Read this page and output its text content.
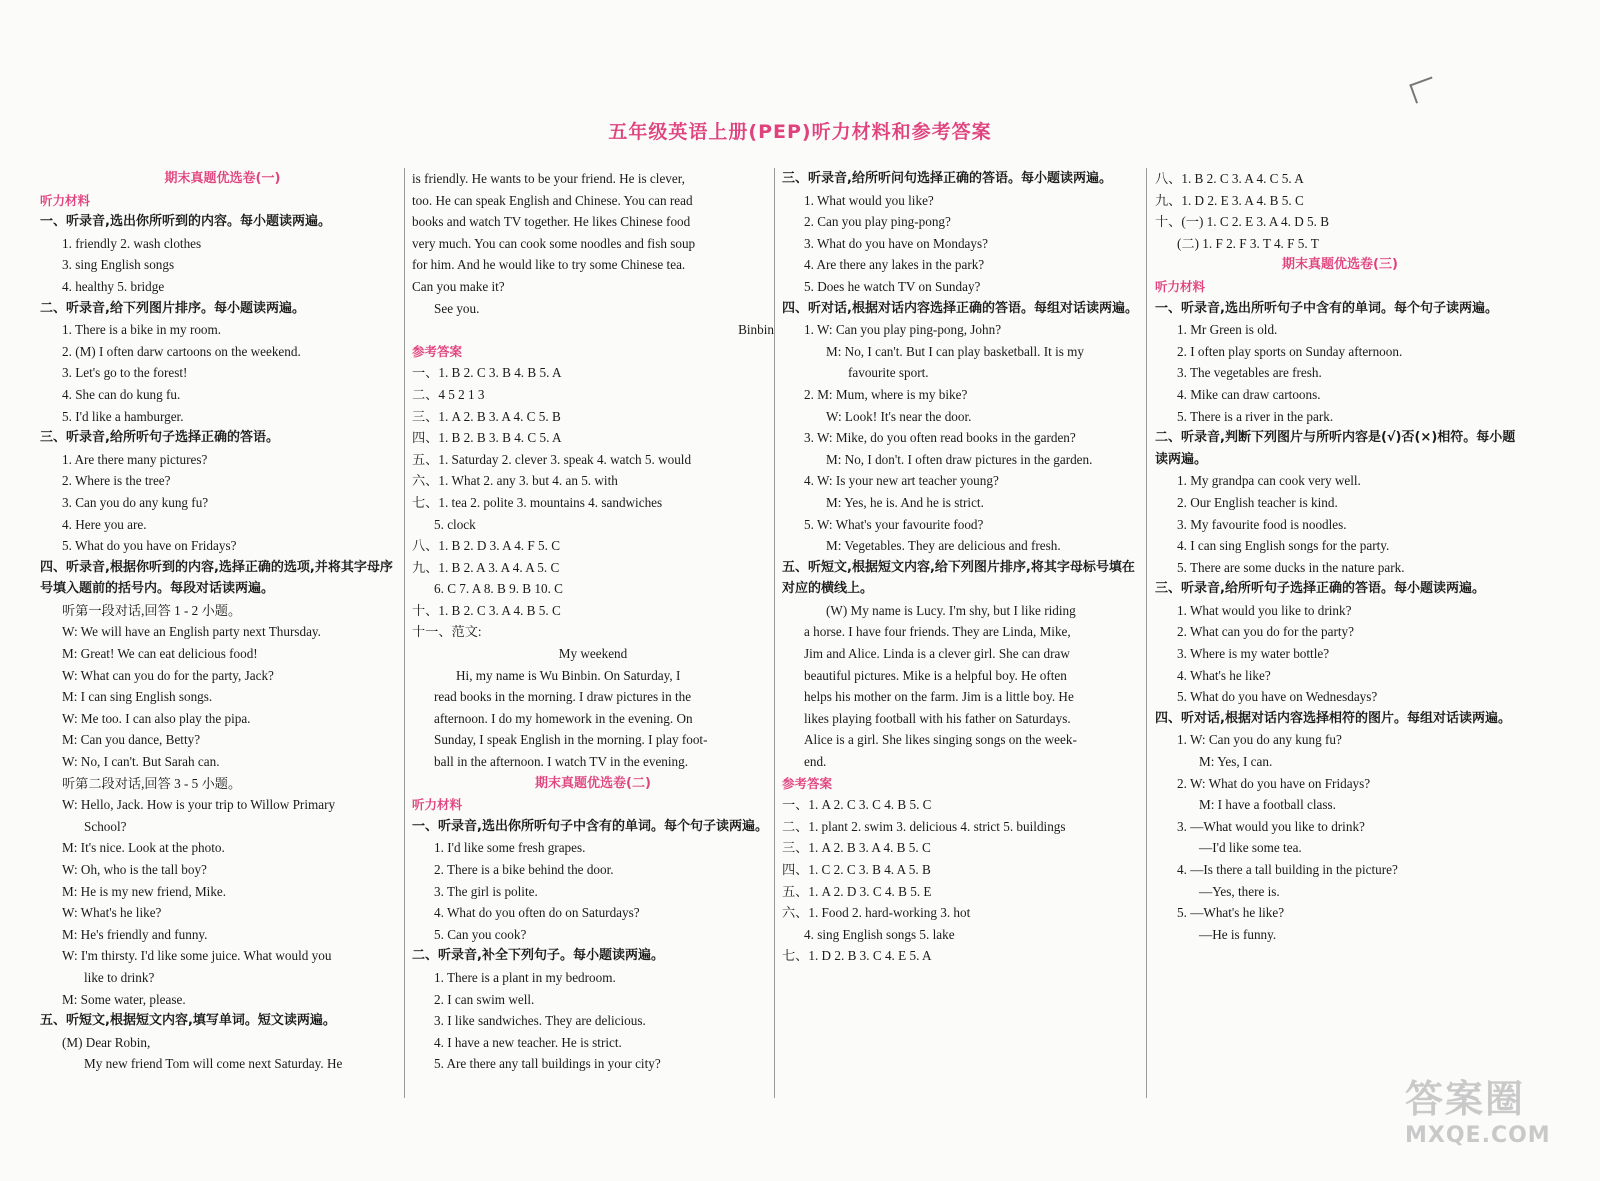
五年级英语上册(PEP)听力材料和参考答案
期末真题优选卷(一)
听力材料
一、听录音,选出你所听到的内容。每小题读两遍。
1. friendly 2. wash clothes
3. sing English songs
4. healthy 5. bridge
二、听录音,给下列图片排序。每小题读两遍。
1. There is a bike in my room.
2. (M) I often darw cartoons on the weekend.
3. Let's go to the forest!
4. She can do kung fu.
5. I'd like a hamburger.
三、听录音,给所听句子选择正确的答语。
1. Are there many pictures?
2. Where is the tree?
3. Can you do any kung fu?
4. Here you are.
5. What do you have on Fridays?
四、听录音,根据你听到的内容,选择正确的选项,并将其字母序号填入题前的括号内。每段对话读两遍。
听第一段对话,回答 1 - 2 小题。
W: We will have an English party next Thursday.
M: Great! We can eat delicious food!
W: What can you do for the party, Jack?
M: I can sing English songs.
W: Me too. I can also play the pipa.
M: Can you dance, Betty?
W: No, I can't. But Sarah can.
听第二段对话,回答 3 - 5 小题。
W: Hello, Jack. How is your trip to Willow Primary
School?
M: It's nice. Look at the photo.
W: Oh, who is the tall boy?
M: He is my new friend, Mike.
W: What's he like?
M: He's friendly and funny.
W: I'm thirsty. I'd like some juice. What would you
like to drink?
M: Some water, please.
五、听短文,根据短文内容,填写单词。短文读两遍。
(M) Dear Robin,
My new friend Tom will come next Saturday. He
is friendly. He wants to be your friend. He is clever,
too. He can speak English and Chinese. You can read
books and watch TV together. He likes Chinese food
very much. You can cook some noodles and fish soup
for him. And he would like to try some Chinese tea.
Can you make it?
See you.
Binbin
参考答案
一、1. B 2. C 3. B 4. B 5. A
二、4 5 2 1 3
三、1. A 2. B 3. A 4. C 5. B
四、1. B 2. B 3. B 4. C 5. A
五、1. Saturday 2. clever 3. speak 4. watch 5. would
六、1. What 2. any 3. but 4. an 5. with
七、1. tea 2. polite 3. mountains 4. sandwiches
5. clock
八、1. B 2. D 3. A 4. F 5. C
九、1. B 2. A 3. A 4. A 5. C
6. C 7. A 8. B 9. B 10. C
十、1. B 2. C 3. A 4. B 5. C
十一、范文:
My weekend
Hi, my name is Wu Binbin. On Saturday, I
read books in the morning. I draw pictures in the
afternoon. I do my homework in the evening. On
Sunday, I speak English in the morning. I play foot-
ball in the afternoon. I watch TV in the evening.
期末真题优选卷(二)
听力材料
一、听录音,选出你所听句子中含有的单词。每个句子读两遍。
1. I'd like some fresh grapes.
2. There is a bike behind the door.
3. The girl is polite.
4. What do you often do on Saturdays?
5. Can you cook?
二、听录音,补全下列句子。每小题读两遍。
1. There is a plant in my bedroom.
2. I can swim well.
3. I like sandwiches. They are delicious.
4. I have a new teacher. He is strict.
5. Are there any tall buildings in your city?
三、听录音,给所听问句选择正确的答语。每小题读两遍。
1. What would you like?
2. Can you play ping-pong?
3. What do you have on Mondays?
4. Are there any lakes in the park?
5. Does he watch TV on Sunday?
四、听对话,根据对话内容选择正确的答语。每组对话读两遍。
1. W: Can you play ping-pong, John?
M: No, I can't. But I can play basketball. It is my
favourite sport.
2. M: Mum, where is my bike?
W: Look! It's near the door.
3. W: Mike, do you often read books in the garden?
M: No, I don't. I often draw pictures in the garden.
4. W: Is your new art teacher young?
M: Yes, he is. And he is strict.
5. W: What's your favourite food?
M: Vegetables. They are delicious and fresh.
五、听短文,根据短文内容,给下列图片排序,将其字母标号填在对应的横线上。
(W) My name is Lucy. I'm shy, but I like riding
a horse. I have four friends. They are Linda, Mike,
Jim and Alice. Linda is a clever girl. She can draw
beautiful pictures. Mike is a helpful boy. He often
helps his mother on the farm. Jim is a little boy. He
likes playing football with his father on Saturdays.
Alice is a girl. She likes singing songs on the week-
end.
参考答案
一、1. A 2. C 3. C 4. B 5. C
二、1. plant 2. swim 3. delicious 4. strict 5. buildings
三、1. A 2. B 3. A 4. B 5. C
四、1. C 2. C 3. B 4. A 5. B
五、1. A 2. D 3. C 4. B 5. E
六、1. Food 2. hard-working 3. hot
4. sing English songs 5. lake
七、1. D 2. B 3. C 4. E 5. A
八、1. B 2. C 3. A 4. C 5. A
九、1. D 2. E 3. A 4. B 5. C
十、(一) 1. C 2. E 3. A 4. D 5. B
(二) 1. F 2. F 3. T 4. F 5. T
期末真题优选卷(三)
听力材料
一、听录音,选出所听句子中含有的单词。每个句子读两遍。
1. Mr Green is old.
2. I often play sports on Sunday afternoon.
3. The vegetables are fresh.
4. Mike can draw cartoons.
5. There is a river in the park.
二、听录音,判断下列图片与所听内容是(√)否(×)相符。每小题读两遍。
1. My grandpa can cook very well.
2. Our English teacher is kind.
3. My favourite food is noodles.
4. I can sing English songs for the party.
5. There are some ducks in the nature park.
三、听录音,给所听句子选择正确的答语。每小题读两遍。
1. What would you like to drink?
2. What can you do for the party?
3. Where is my water bottle?
4. What's he like?
5. What do you have on Wednesdays?
四、听对话,根据对话内容选择相符的图片。每组对话读两遍。
1. W: Can you do any kung fu?
M: Yes, I can.
2. W: What do you have on Fridays?
M: I have a football class.
3. —What would you like to drink?
—I'd like some tea.
4. —Is there a tall building in the picture?
—Yes, there is.
5. —What's he like?
—He is funny.
答案圈
MXQE.COM
